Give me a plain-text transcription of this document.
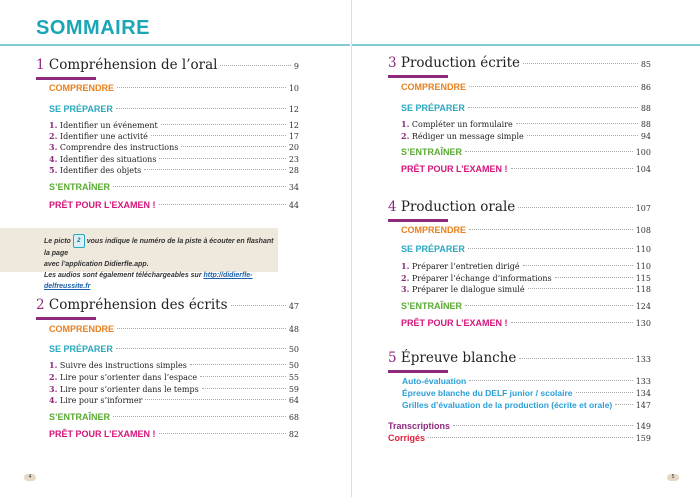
SOMMAIRE
1 Compréhension de l’oral	9
COMPRENDRE	10
SE PRÉPARER	12
1. Identifier un événement	12
2. Identifier une activité	17
3. Comprendre des instructions	20
4. Identifier des situations	23
5. Identifier des objets	28
S’ENTRAÎNER	34
PRÊT POUR L’EXAMEN !	44
2 Compréhension des écrits	47
COMPRENDRE	48
SE PRÉPARER	50
1. Suivre des instructions simples	50
2. Lire pour s’orienter dans l’espace	55
3. Lire pour s’orienter dans le temps	59
4. Lire pour s’informer	64
S’ENTRAÎNER	68
PRÊT POUR L’EXAMEN !	82
Le picto 2 vous indique le numéro de la piste à écouter en flashant la page
avec l’application Didierfle.app.
Les audios sont également téléchargeables sur http://didierfle-delfreussite.fr
4
3 Production écrite	85
COMPRENDRE	86
SE PRÉPARER	88
1. Compléter un formulaire	88
2. Rédiger un message simple	94
S’ENTRAÎNER	100
PRÊT POUR L’EXAMEN !	104
4 Production orale	107
COMPRENDRE	108
SE PRÉPARER	110
1. Préparer l’entretien dirigé	110
2. Préparer l’échange d’informations	115
3. Préparer le dialogue simulé	118
S’ENTRAÎNER	124
PRÊT POUR L’EXAMEN !	130
5 Épreuve blanche	133
Auto-évaluation	133
Épreuve blanche du DELF junior / scolaire	134
Grilles d’évaluation de la production (écrite et orale)	147
Transcriptions	149
Corrigés	159
5
